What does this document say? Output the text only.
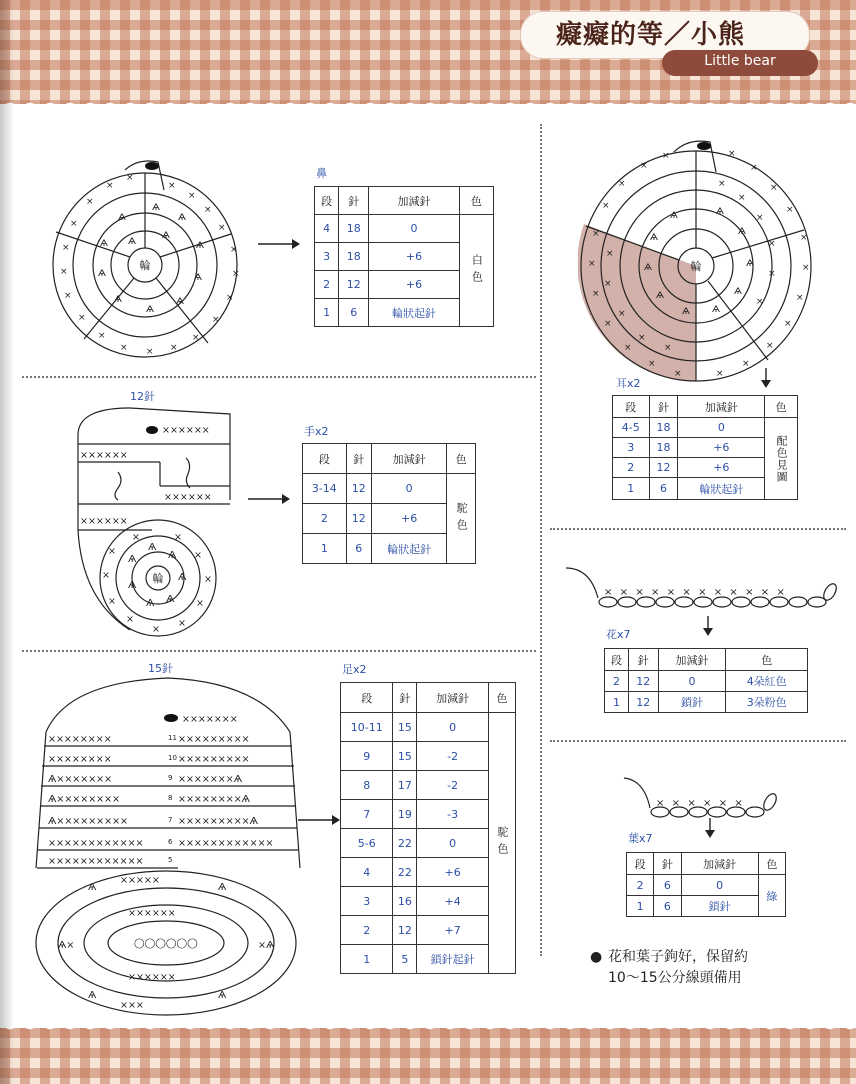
癡癡的等／小熊
Little bear
輪
×
×
×
×
×
×
×
×
×
×
×
×
×
×
×
×
×
×
×
×
×
Ѧ
Ѧ
Ѧ
Ѧ
Ѧ
Ѧ
Ѧ
Ѧ
Ѧ
Ѧ
Ѧ
Ѧ
鼻
段	針	加減針	色
4	18	0	白色
3	18	+6	
2	12	+6	
1	6	輪狀起針	
12針
××××××
××××××
××××××
××××××
×	×
×
×
×
×
×
×
×
×
×	Ѧ
Ѧ
Ѧ
Ѧ
Ѧ
Ѧ
Ѧ
輪
手x2
段	針	加減針	色
3-14	12	0	駝色
2	12	+6	
1	6	輪狀起針	
15針
×××××××
××××××××	×××××××××
××××××××	×××××××××
Ѧ×××××××	×××××××Ѧ
Ѧ××××××××	××××××××Ѧ
Ѧ×××××××××	×××××××××Ѧ
××××××××××××	××××××××××××
××××××××××××
×××××
×××
××××××
××××××
Ѧ×	×Ѧ
Ѧ	Ѧ
Ѧ	Ѧ
◯◯◯◯◯◯
11
10
9
8
7
6
5
足x2
段	針	加減針	色
10-11	15	0	駝色
9	15	-2	
8	17	-2	
7	19	-3	
5-6	22	0	
4	22	+6	
3	16	+4	
2	12	+7	
1	5	鎖針起針	
輪
×
×
×
×
×
×
×
×
×
×
×
×
×
×
×
×
×
×
×
×
×
×
×
×
×
×
×
×
×
×
×
×
×
Ѧ
Ѧ
Ѧ
Ѧ
Ѧ
Ѧ
Ѧ
Ѧ
Ѧ
Ѧ
耳x2
段	針	加減針	色
4-5	18	0	配色見圖
3	18	+6	
2	12	+6	
1	6	輪狀起針	
××××××××××××
花x7
段	針	加減針	色
2	12	0	4朵紅色
1	12	鎖針	3朵粉色
××××××
葉x7
段	針	加減針	色
2	6	0	綠
1	6	鎖針	
● 花和葉子鉤好，保留約
10～15公分線頭備用
